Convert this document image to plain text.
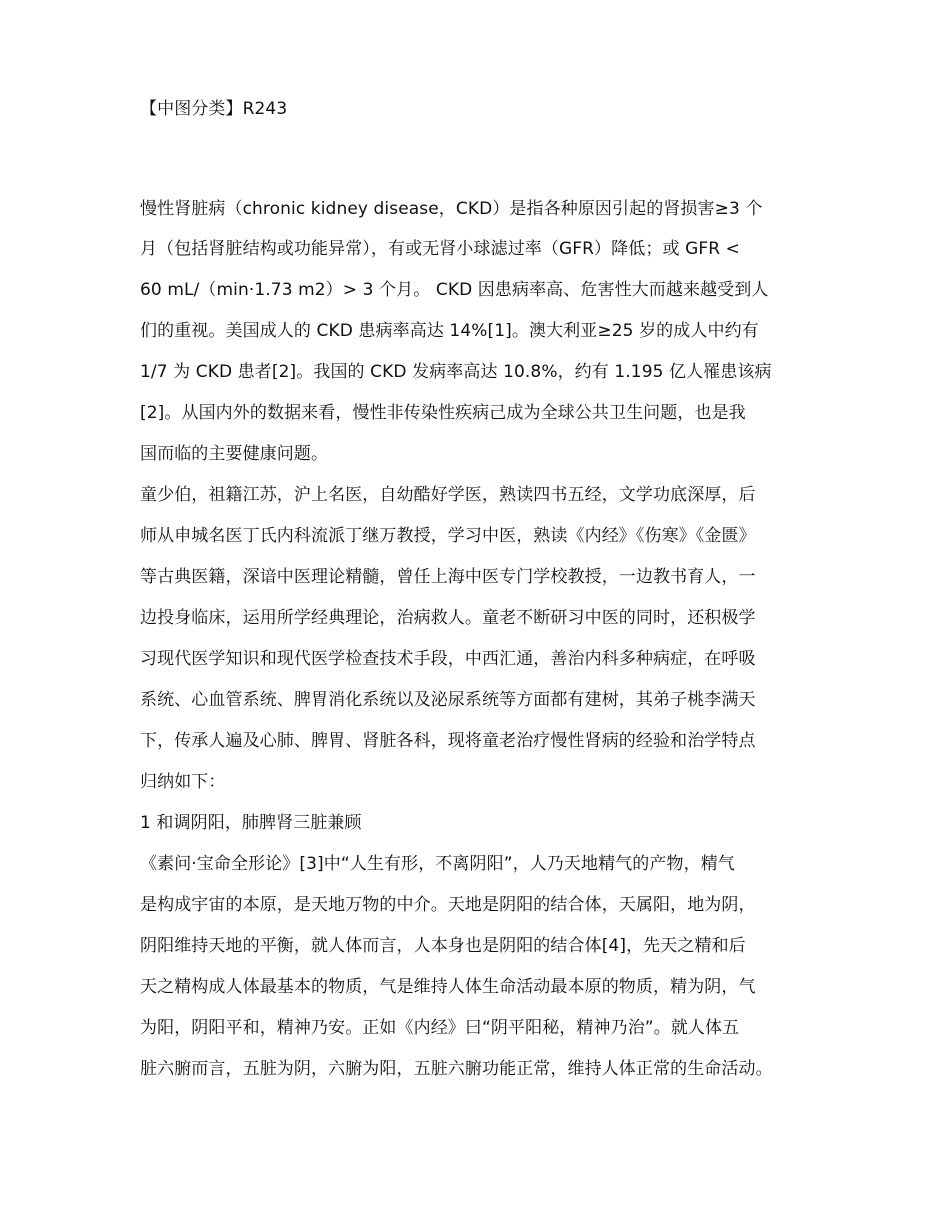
【中图分类】R243
慢性肾脏病（chronic kidney disease，CKD）是指各种原因引起的肾损害≥3 个
月（包括肾脏结构或功能异常），有或无肾小球滤过率（GFR）降低；或 GFR <
60 mL/（min·1.73 m2）> 3 个月。 CKD 因患病率高、危害性大而越来越受到人
们的重视。美国成人的 CKD 患病率高达 14%[1]。澳大利亚≥25 岁的成人中约有
1/7 为 CKD 患者[2]。我国的 CKD 发病率高达 10.8%，约有 1.195 亿人罹患该病
[2]。从国内外的数据来看，慢性非传染性疾病己成为全球公共卫生问题，也是我
国而临的主要健康问题。
童少伯，祖籍江苏，沪上名医，自幼酷好学医，熟读四书五经，文学功底深厚，后
师从申城名医丁氏内科流派丁继万教授，学习中医，熟读《内经》《伤寒》《金匮》
等古典医籍，深谙中医理论精髓，曾任上海中医专门学校教授，一边教书育人，一
边投身临床，运用所学经典理论，治病救人。童老不断研习中医的同时，还积极学
习现代医学知识和现代医学检查技术手段，中西汇通，善治内科多种病症，在呼吸
系统、心血管系统、脾胃消化系统以及泌尿系统等方面都有建树，其弟子桃李满天
下，传承人遍及心肺、脾胃、肾脏各科，现将童老治疗慢性肾病的经验和治学特点
归纳如下：
1 和调阴阳，肺脾肾三脏兼顾
《素问·宝命全形论》[3]中“人生有形，不离阴阳”，人乃天地精气的产物，精气
是构成宇宙的本原，是天地万物的中介。天地是阴阳的结合体，天属阳，地为阴，
阴阳维持天地的平衡，就人体而言，人本身也是阴阳的结合体[4]，先天之精和后
天之精构成人体最基本的物质，气是维持人体生命活动最本原的物质，精为阴，气
为阳，阴阳平和，精神乃安。正如《内经》曰“阴平阳秘，精神乃治”。就人体五
脏六腑而言，五脏为阴，六腑为阳，五脏六腑功能正常，维持人体正常的生命活动。
